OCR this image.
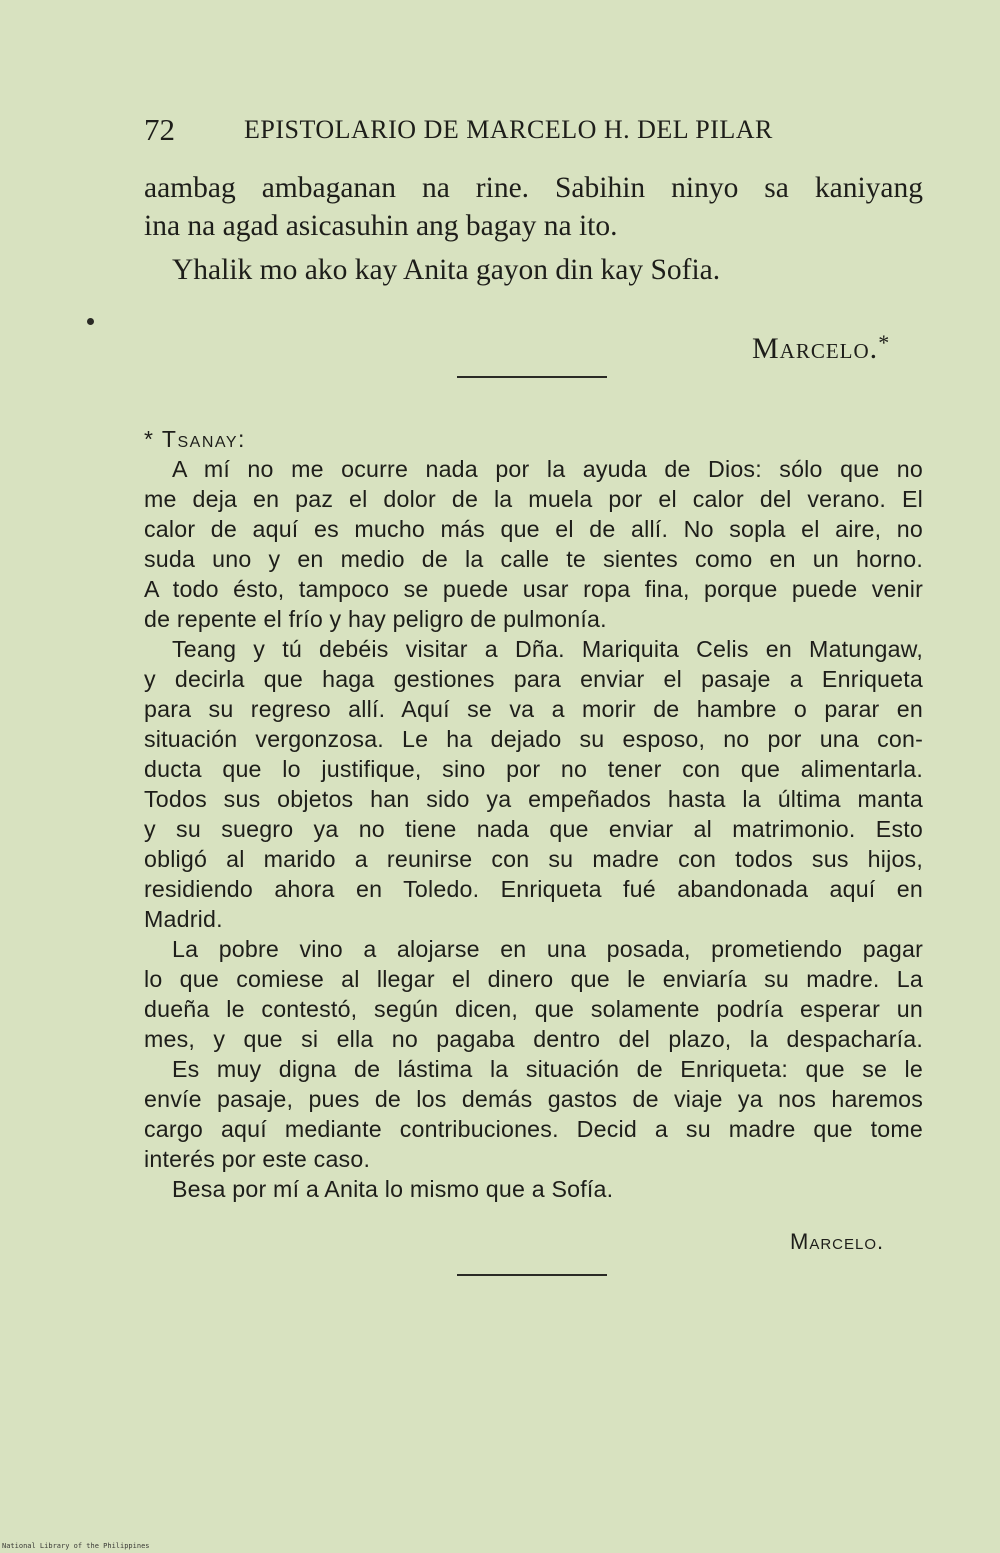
72	EPISTOLARIO DE MARCELO H. DEL PILAR
aambag ambaganan na rine. Sabihin ninyo sa kaniyang
ina na agad asicasuhin ang bagay na ito.
Yhalik mo ako kay Anita gayon din kay Sofia.
Marcelo.*
* Tsanay:
A mí no me ocurre nada por la ayuda de Dios: sólo que no
me deja en paz el dolor de la muela por el calor del verano. El
calor de aquí es mucho más que el de allí. No sopla el aire, no
suda uno y en medio de la calle te sientes como en un horno.
A todo ésto, tampoco se puede usar ropa fina, porque puede venir
de repente el frío y hay peligro de pulmonía.
Teang y tú debéis visitar a Dña. Mariquita Celis en Matungaw,
y decirla que haga gestiones para enviar el pasaje a Enriqueta
para su regreso allí. Aquí se va a morir de hambre o parar en
situación vergonzosa. Le ha dejado su esposo, no por una con-
ducta que lo justifique, sino por no tener con que alimentarla.
Todos sus objetos han sido ya empeñados hasta la última manta
y su suegro ya no tiene nada que enviar al matrimonio. Esto
obligó al marido a reunirse con su madre con todos sus hijos,
residiendo ahora en Toledo. Enriqueta fué abandonada aquí en
Madrid.
La pobre vino a alojarse en una posada, prometiendo pagar
lo que comiese al llegar el dinero que le enviaría su madre. La
dueña le contestó, según dicen, que solamente podría esperar un
mes, y que si ella no pagaba dentro del plazo, la despacharía.
Es muy digna de lástima la situación de Enriqueta: que se le
envíe pasaje, pues de los demás gastos de viaje ya nos haremos
cargo aquí mediante contribuciones. Decid a su madre que tome
interés por este caso.
Besa por mí a Anita lo mismo que a Sofía.
Marcelo.
National Library of the Philippines
